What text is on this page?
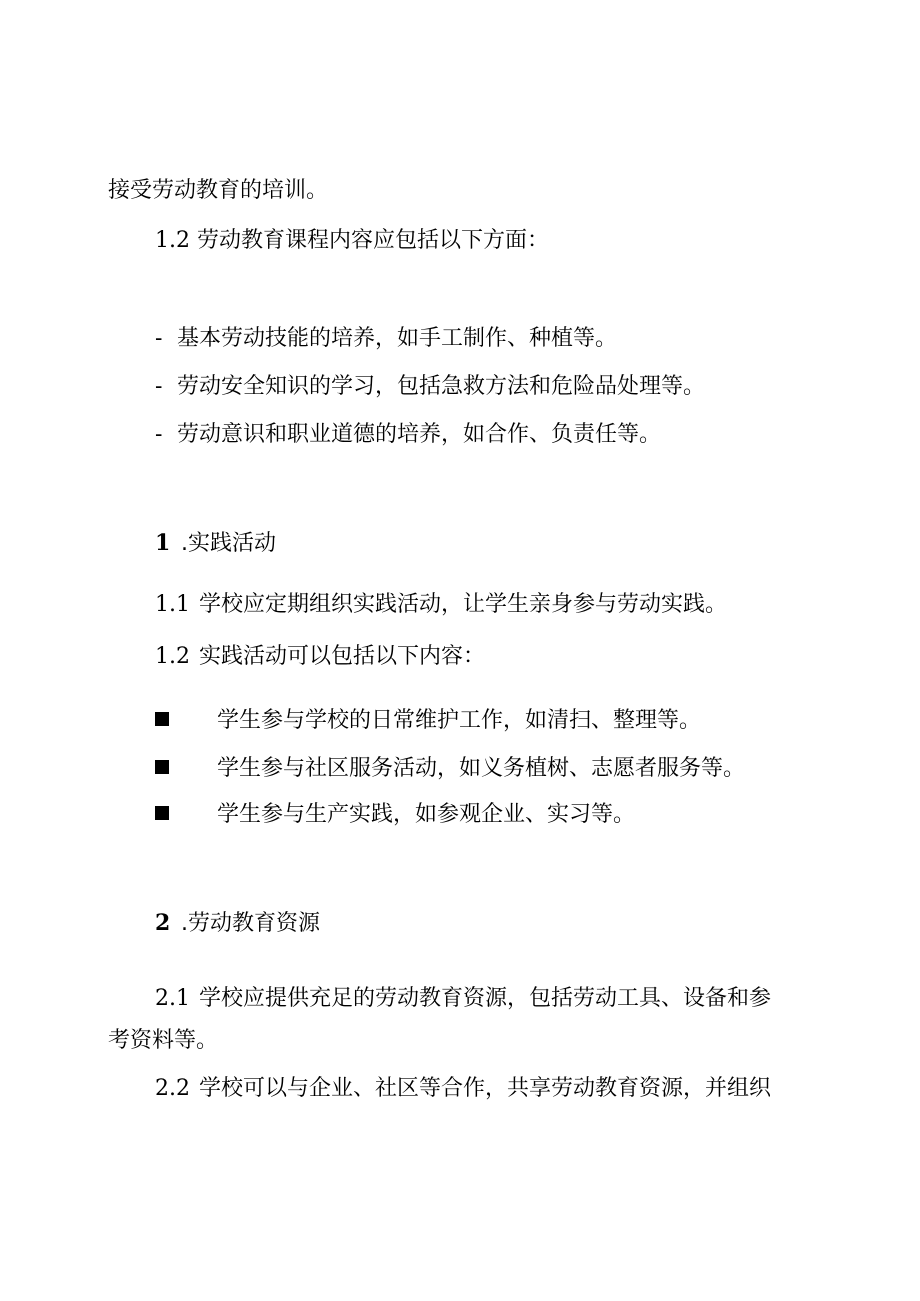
接受劳动教育的培训。
1.2 劳动教育课程内容应包括以下方面：
- 基本劳动技能的培养，如手工制作、种植等。
- 劳动安全知识的学习，包括急救方法和危险品处理等。
- 劳动意识和职业道德的培养，如合作、负责任等。
1 .实践活动
1.1 学校应定期组织实践活动，让学生亲身参与劳动实践。
1.2 实践活动可以包括以下内容：
学生参与学校的日常维护工作，如清扫、整理等。
学生参与社区服务活动，如义务植树、志愿者服务等。
学生参与生产实践，如参观企业、实习等。
2 .劳动教育资源
2.1 学校应提供充足的劳动教育资源，包括劳动工具、设备和参
考资料等。
2.2 学校可以与企业、社区等合作，共享劳动教育资源，并组织
